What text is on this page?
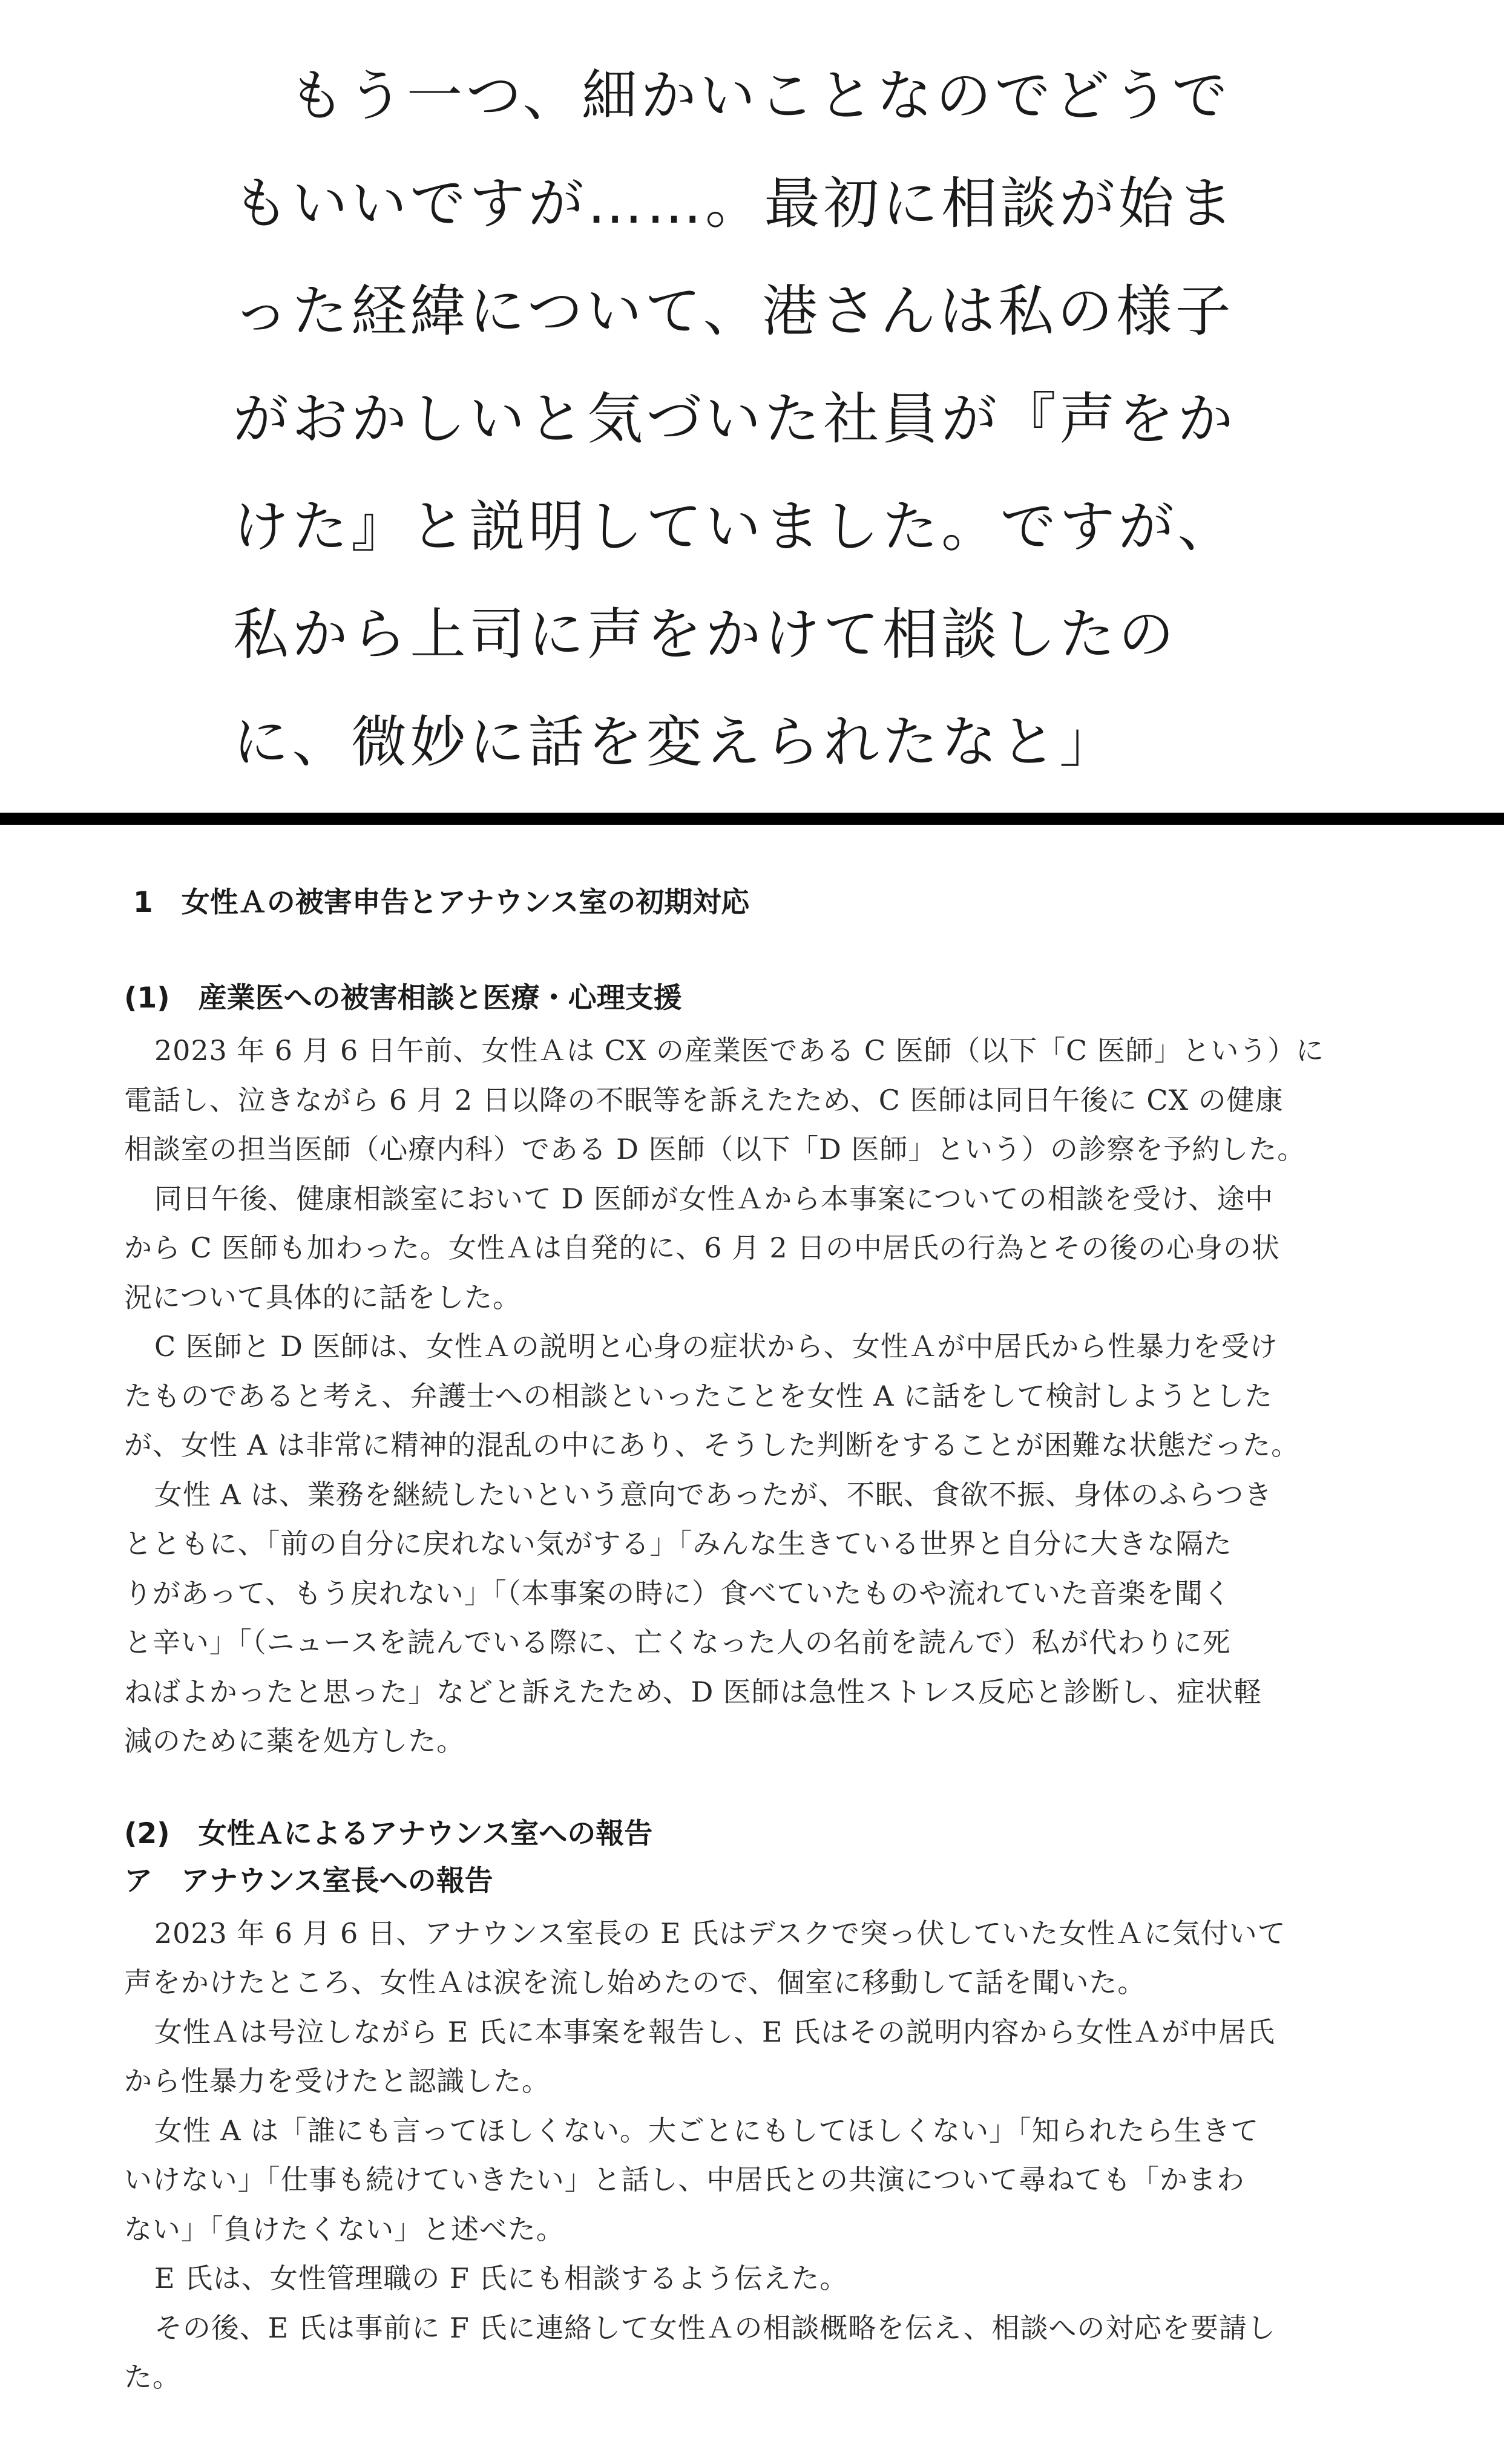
もう一つ、細かいことなのでどうで
もいいですが……。最初に相談が始ま
った経緯について、港さんは私の様子
がおかしいと気づいた社員が『声をか
けた』と説明していました。ですが、
私から上司に声をかけて相談したの
に、微妙に話を変えられたなと」
1　女性Ａの被害申告とアナウンス室の初期対応
(1)　産業医への被害相談と医療・心理支援
2023 年 6 月 6 日午前、女性Ａは CX の産業医である C 医師（以下「C 医師」という）に
電話し、泣きながら 6 月 2 日以降の不眠等を訴えたため、C 医師は同日午後に CX の健康
相談室の担当医師（心療内科）である D 医師（以下「D 医師」という）の診察を予約した。
同日午後、健康相談室において D 医師が女性Ａから本事案についての相談を受け、途中
から C 医師も加わった。女性Ａは自発的に、6 月 2 日の中居氏の行為とその後の心身の状
況について具体的に話をした。
C 医師と D 医師は、女性Ａの説明と心身の症状から、女性Ａが中居氏から性暴力を受け
たものであると考え、弁護士への相談といったことを女性 A に話をして検討しようとした
が、女性 A は非常に精神的混乱の中にあり、そうした判断をすることが困難な状態だった。
女性 A は、業務を継続したいという意向であったが、不眠、食欲不振、身体のふらつき
とともに、「前の自分に戻れない気がする」「みんな生きている世界と自分に大きな隔た
りがあって、もう戻れない」「（本事案の時に）食べていたものや流れていた音楽を聞く
と辛い」「（ニュースを読んでいる際に、亡くなった人の名前を読んで）私が代わりに死
ねばよかったと思った」などと訴えたため、D 医師は急性ストレス反応と診断し、症状軽
減のために薬を処方した。
(2)　女性Ａによるアナウンス室への報告
ア　アナウンス室長への報告
2023 年 6 月 6 日、アナウンス室長の E 氏はデスクで突っ伏していた女性Ａに気付いて
声をかけたところ、女性Ａは涙を流し始めたので、個室に移動して話を聞いた。
女性Ａは号泣しながら E 氏に本事案を報告し、E 氏はその説明内容から女性Ａが中居氏
から性暴力を受けたと認識した。
女性 A は「誰にも言ってほしくない。大ごとにもしてほしくない」「知られたら生きて
いけない」「仕事も続けていきたい」と話し、中居氏との共演について尋ねても「かまわ
ない」「負けたくない」と述べた。
E 氏は、女性管理職の F 氏にも相談するよう伝えた。
その後、E 氏は事前に F 氏に連絡して女性Ａの相談概略を伝え、相談への対応を要請し
た。
